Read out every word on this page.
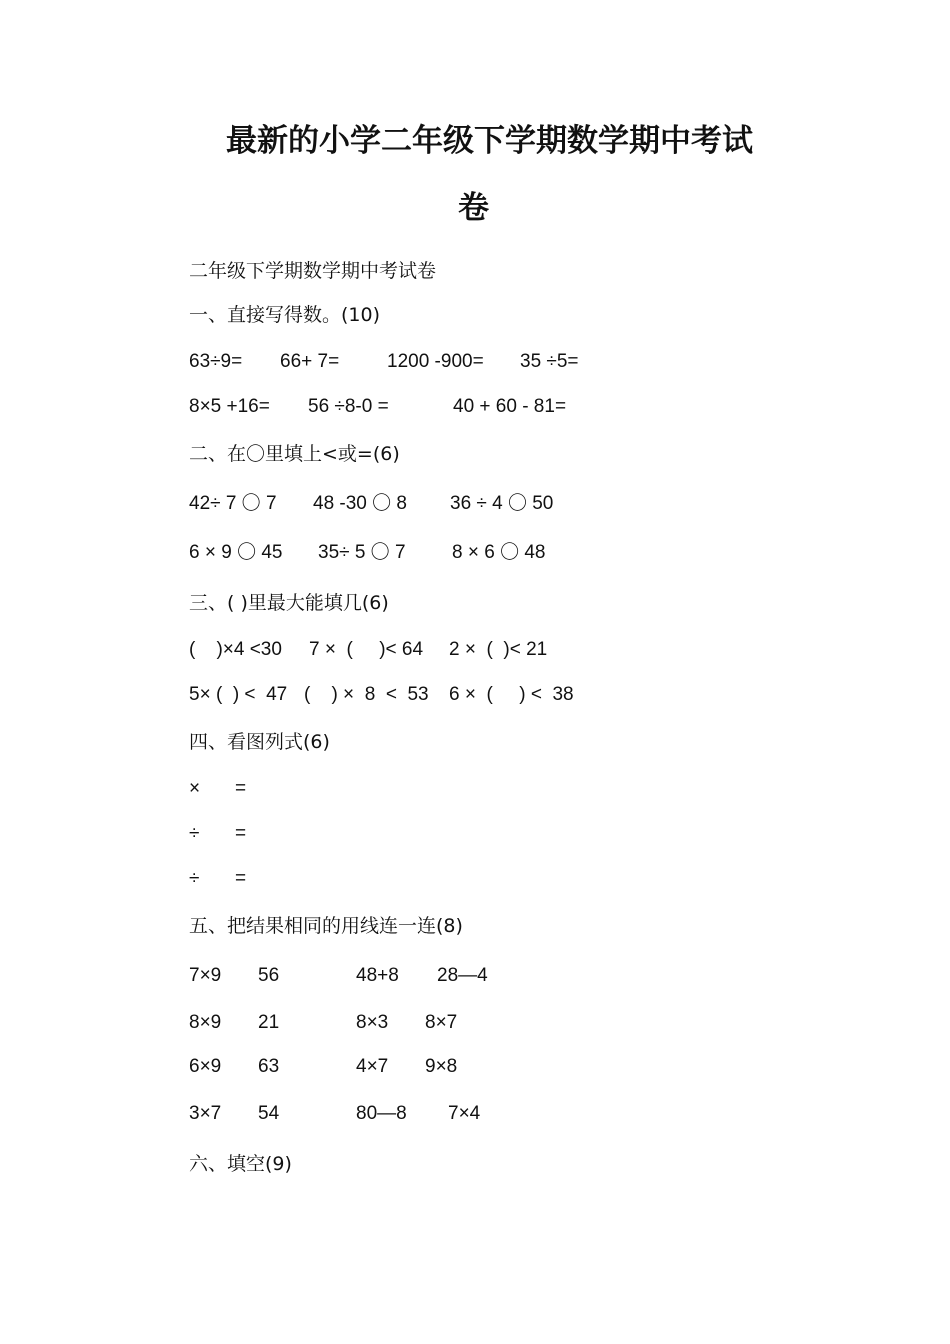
最新的小学二年级下学期数学期中考试
卷
二年级下学期数学期中考试卷
一、直接写得数。(10)
63÷9= 66+ 7=	1200 -900= 35 ÷5=
8×5 +16= 56 ÷8-0 =	40 + 60 - 81=
二、在〇里填上<或=(6)
42÷ 7 〇 7 48 -30 〇 8 36 ÷ 4 〇 50
6 × 9 〇 45 35÷ 5 〇 7 8 × 6 〇 48
三、( )里最大能填几(6)
(    )×4 <30 7 ×  (     )< 64 2 ×  (  )< 21
5× (  ) <  47 (    ) ×  8  <  53 6 ×  (     ) <  38
四、看图列式(6)
× =
÷ =
÷ =
五、把结果相同的用线连一连(8)
7×9 56	48+8 28—4
8×9 21	8×3 8×7
6×9 63	4×7 9×8
3×7 54	80—8 7×4
六、填空(9)
